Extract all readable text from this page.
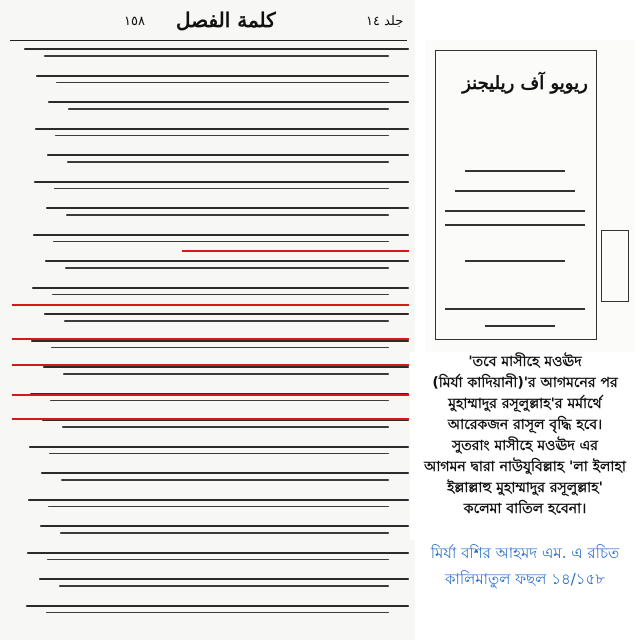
١٥٨ كلمة الفصل	جلد ١٤
ريويو آف ريليجنز

'তবে মাসীহে মওঊদ
(মির্যা কাদিয়ানী)'র আগমনের পর
মুহাম্মাদুর রসূলুল্লাহ'র মর্মার্থে
আরেকজন রাসূল বৃদ্ধি হবে।
সুতরাং মাসীহে মওঊদ এর
আগমন দ্বারা নাউযুবিল্লাহ 'লা ইলাহা
ইল্লাল্লাহু মুহাম্মাদুর রসূলুল্লাহ'
কলেমা বাতিল হবেনা।

মির্যা বশির আহমদ এম. এ রচিত
কালিমাতুল ফছল ১৪/১৫৮
